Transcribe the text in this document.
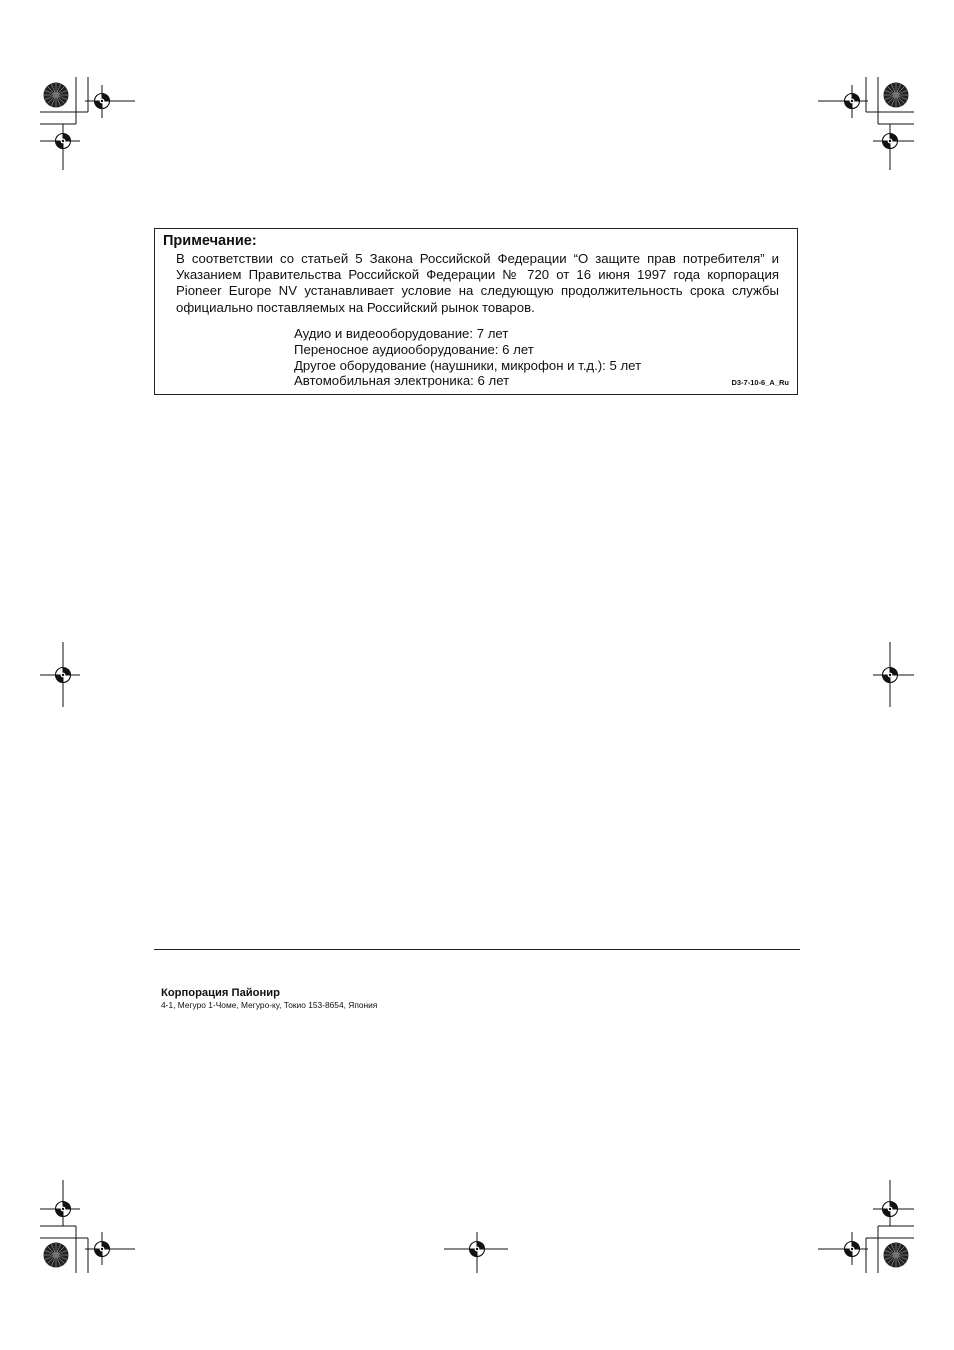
Примечание:
В соответствии со статьей 5 Закона Российской Федерации “О защите прав потребителя” и Указанием Правительства Российской Федерации № 720 от 16 июня 1997 года корпорация Pioneer Europe NV устанавливает условие на следующую продолжительность срока службы официально поставляемых на Российский рынок товаров.
Аудио и видеооборудование: 7 лет
Переносное аудиооборудование: 6 лет
Другое оборудование (наушники, микрофон и т.д.): 5 лет
Автомобильная электроника: 6 лет	D3-7-10-6_A_Ru
Корпорация Пайонир
4-1, Мегуро 1-Чоме, Мегуро-ку, Токио 153-8654, Япония
